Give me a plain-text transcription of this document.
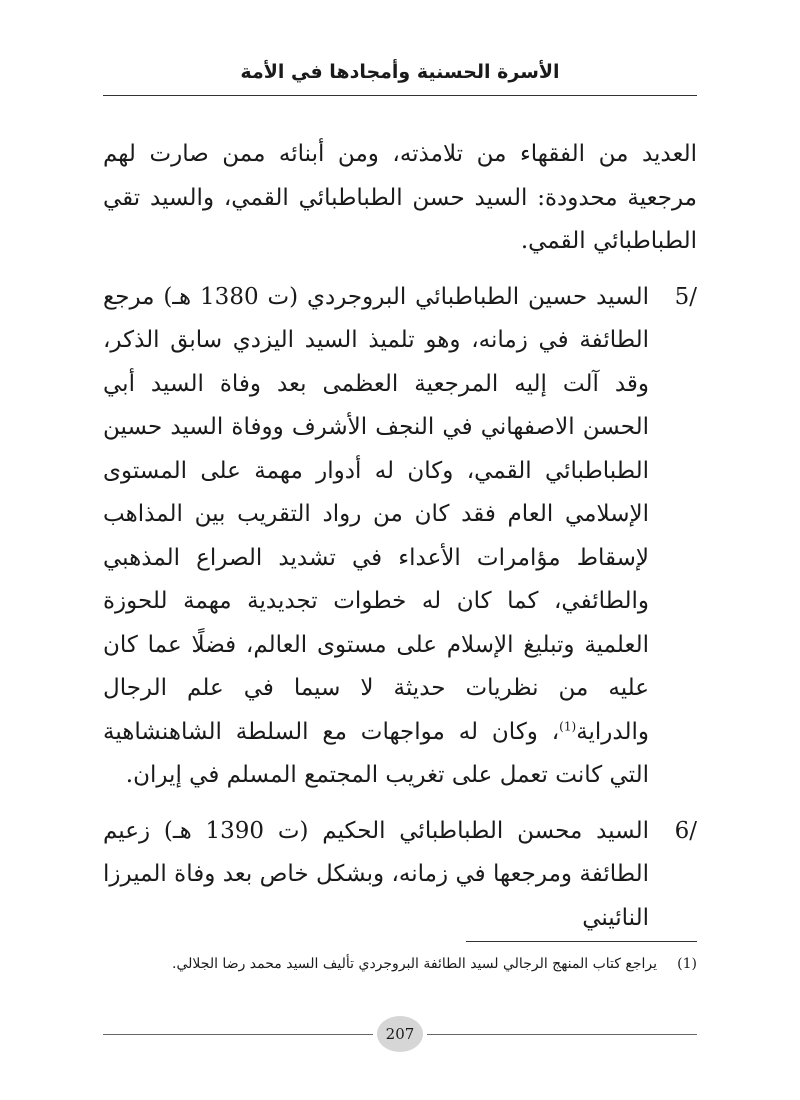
الأسرة الحسنية وأمجادها في الأمة

العديد من الفقهاء من تلامذته، ومن أبنائه ممن صارت لهم مرجعية محدودة: السيد حسن الطباطبائي القمي، والسيد تقي الطباطبائي القمي.

5/

السيد حسين الطباطبائي البروجردي (ت 1380 هـ) مرجع الطائفة في زمانه، وهو تلميذ السيد اليزدي سابق الذكر، وقد آلت إليه المرجعية العظمى بعد وفاة السيد أبي الحسن الاصفهاني في النجف الأشرف ووفاة السيد حسين الطباطبائي القمي، وكان له أدوار مهمة على المستوى الإسلامي العام فقد كان من رواد التقريب بين المذاهب لإسقاط مؤامرات الأعداء في تشديد الصراع المذهبي والطائفي، كما كان له خطوات تجديدية مهمة للحوزة العلمية وتبليغ الإسلام على مستوى العالم، فضلًا عما كان عليه من نظريات حديثة لا سيما في علم الرجال والدراية$^{(1)}$، وكان له مواجهات مع السلطة الشاهنشاهية التي كانت تعمل على تغريب المجتمع المسلم في إيران.

6/

السيد محسن الطباطبائي الحكيم (ت 1390 هـ) زعيم الطائفة ومرجعها في زمانه، وبشكل خاص بعد وفاة الميرزا النائيني

(1)
يراجع كتاب المنهج الرجالي لسيد الطائفة البروجردي تأليف السيد محمد رضا الجلالي.
207
